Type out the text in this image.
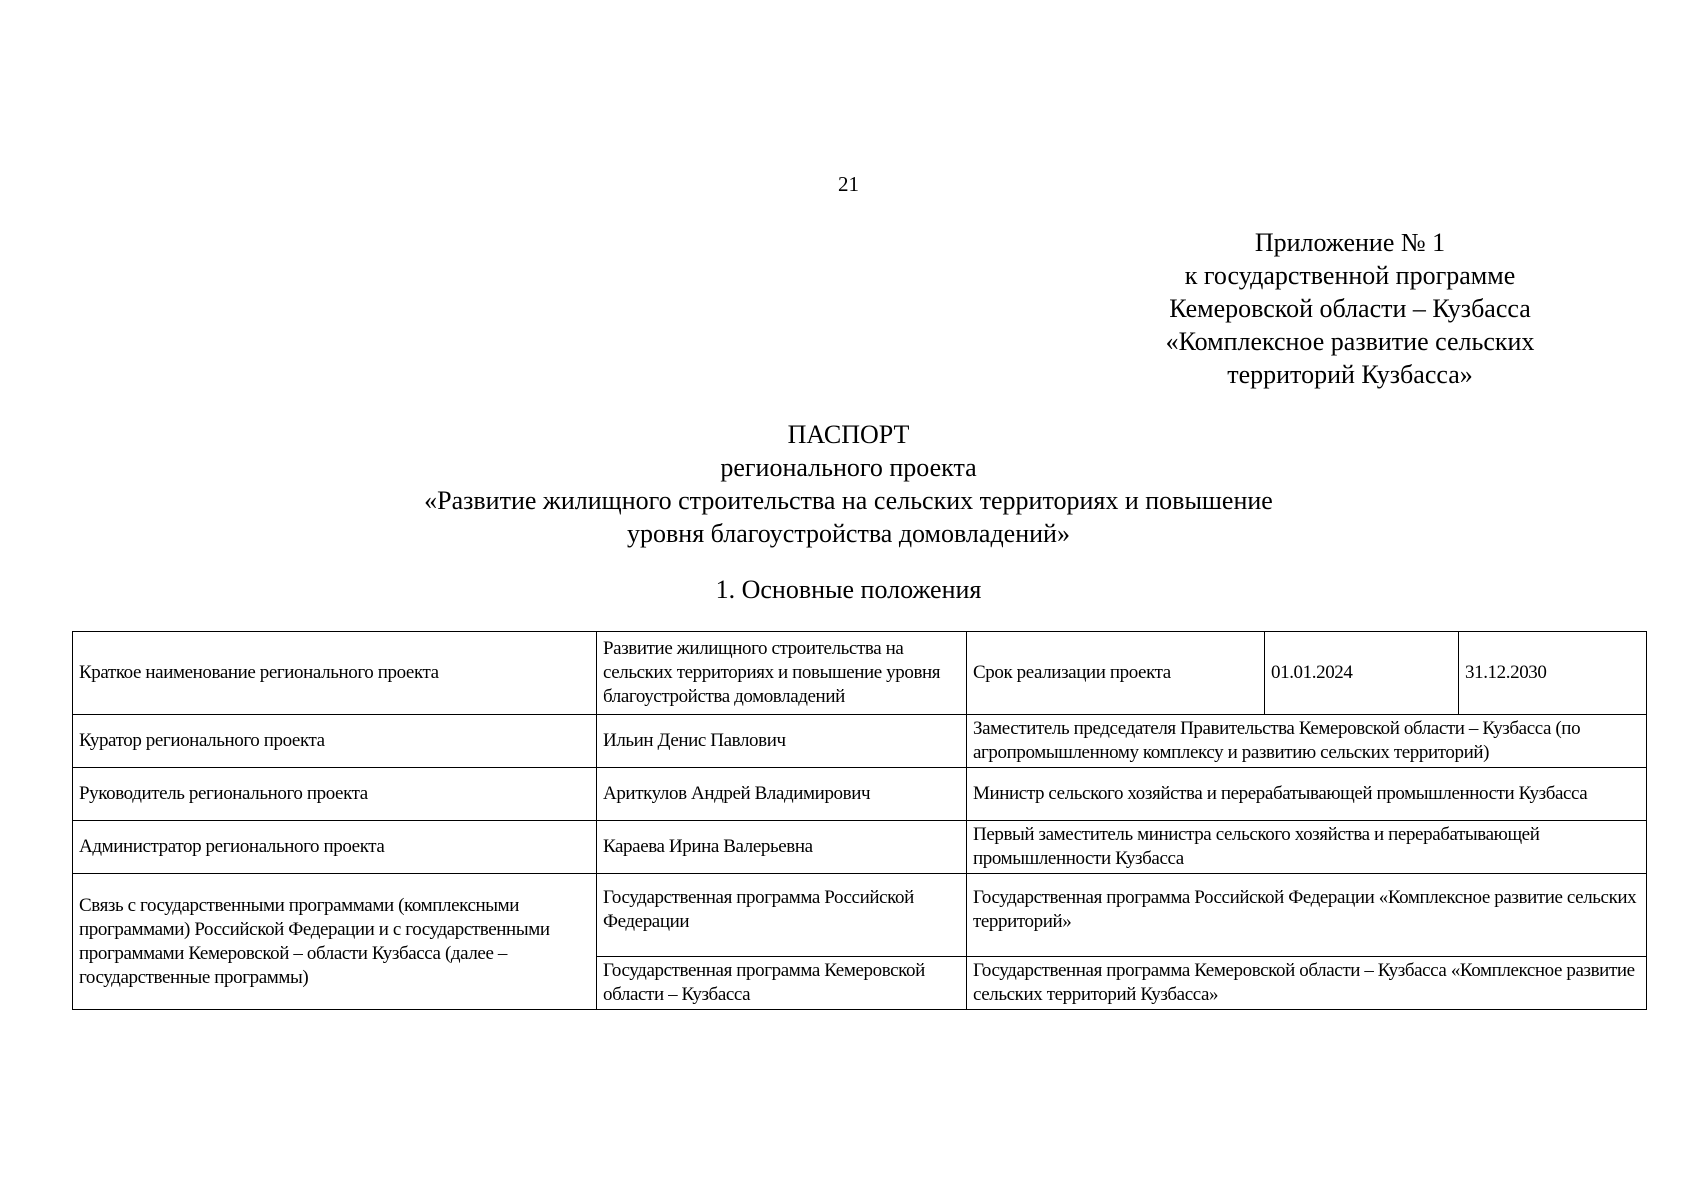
21
Приложение № 1
к государственной программе
Кемеровской области – Кузбасса
«Комплексное развитие сельских
территорий Кузбасса»
ПАСПОРТ
регионального проекта
«Развитие жилищного строительства на сельских территориях и повышение
уровня благоустройства домовладений»
1. Основные положения
Краткое наименование регионального проекта	Развитие жилищного строительства на сельских территориях и повышение уровня благоустройства домовладений	Срок реализации проекта	01.01.2024	31.12.2030
Куратор регионального проекта	Ильин Денис Павлович	Заместитель председателя Правительства Кемеровской области – Кузбасса (по агропромышленному комплексу и развитию сельских территорий)		
Руководитель регионального проекта	Ариткулов Андрей Владимирович	Министр сельского хозяйства и перерабатывающей промышленности Кузбасса		
Администратор регионального проекта	Караева Ирина Валерьевна	Первый заместитель министра сельского хозяйства и перерабатывающей промышленности Кузбасса		
Связь с государственными программами (комплексными программами) Российской Федерации и с государственными программами Кемеровской – области Кузбасса (далее – государственные программы)	Государственная программа Российской Федерации	Государственная программа Российской Федерации «Комплексное развитие сельских территорий»		
	Государственная программа Кемеровской области – Кузбасса	Государственная программа Кемеровской области – Кузбасса «Комплексное развитие сельских территорий Кузбасса»		
